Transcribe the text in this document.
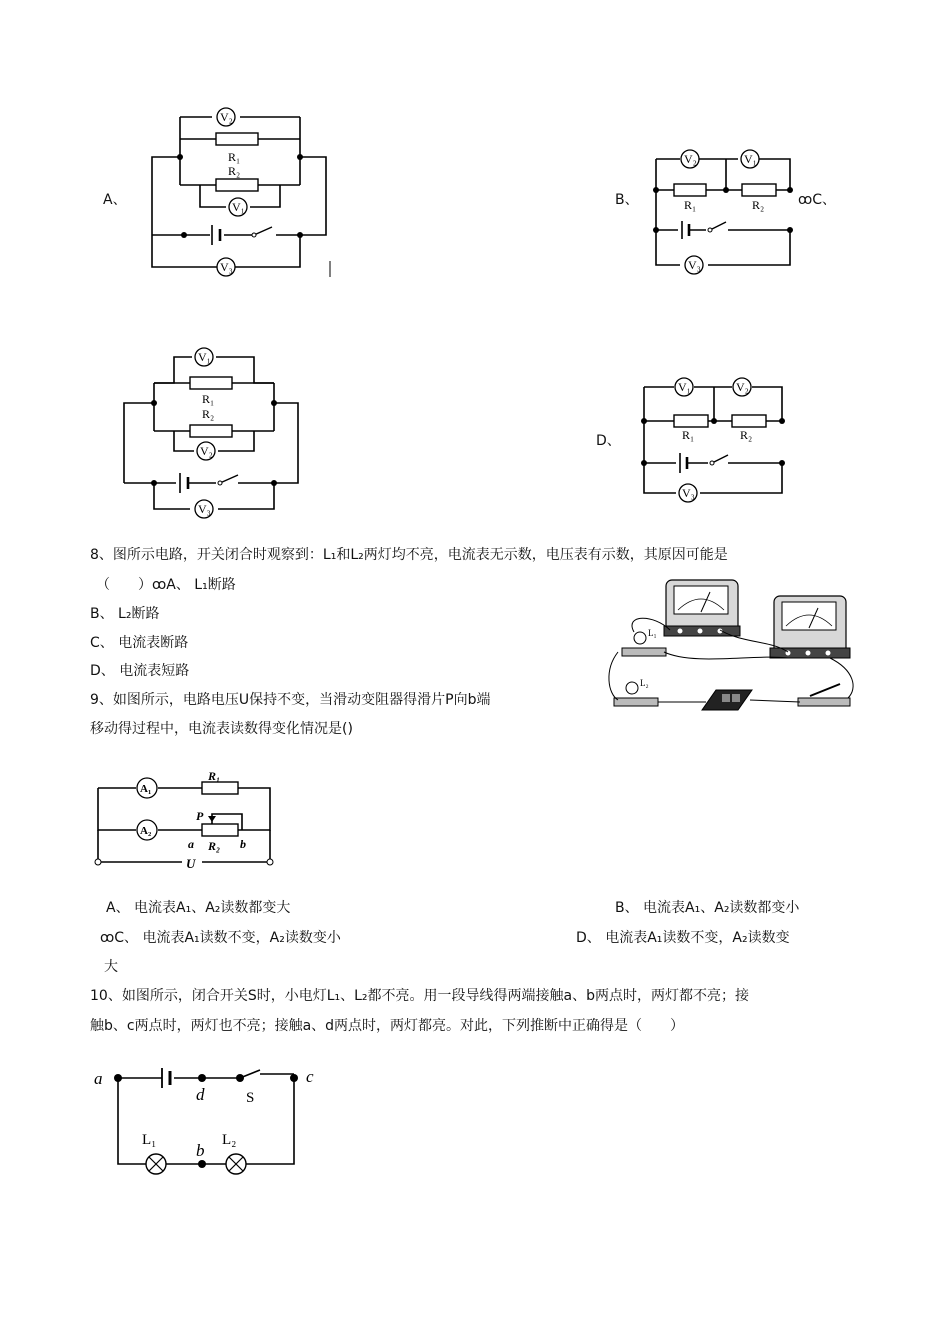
A、	B、	ꝏC、
D、
V₂
V₁
V₃
R₁
R₂
V₂	V₁
V₃
R₁	R₂
V₁
V₂
V₃
R₁
R₂
V₁	V₂
V₃
R₁	R₂
8、图所示电路，开关闭合时观察到：L₁和L₂两灯均不亮，电流表无示数，电压表有示数，其原因可能是
（　　）ꝏA、 L₁断路
B、 L₂断路
C、 电流表断路
D、 电流表短路
L₁
L₂
9、如图所示，电路电压U保持不变，当滑动变阻器得滑片P向b端
移动得过程中，电流表读数得变化情况是()
A₁
A₂
R₁
P
a R₂ b
U
A、 电流表A₁、A₂读数都变大	B、 电流表A₁、A₂读数都变小
ꝏC、 电流表A₁读数不变，A₂读数变小	D、 电流表A₁读数不变，A₂读数变
大
10、如图所示，闭合开关S时，小电灯L₁、L₂都不亮。用一段导线得两端接触a、b两点时，两灯都不亮；接
触b、c两点时，两灯也不亮；接触a、d两点时，两灯都亮。对此，下列推断中正确得是（　　）
a
d	S
c
L₁
b
L₂
